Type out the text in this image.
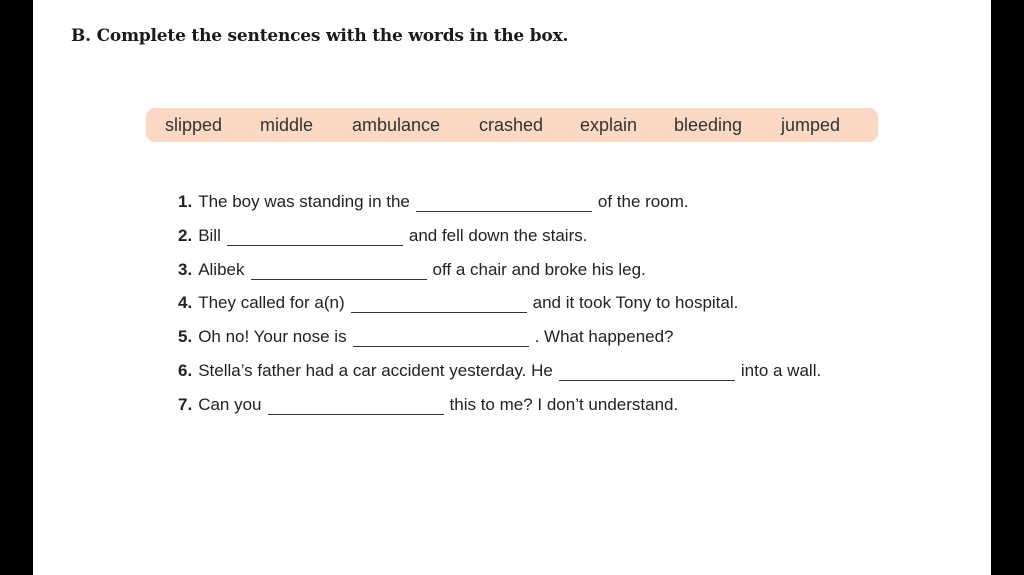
B. Complete the sentences with the words in the box.
slipped middle ambulance crashed explain bleeding jumped
1. The boy was standing in the	of the room.
2. Bill	and fell down the stairs.
3. Alibek	off a chair and broke his leg.
4. They called for a(n)	and it took Tony to hospital.
5. Oh no! Your nose is	. What happened?
6. Stella’s father had a car accident yesterday. He	into a wall.
7. Can you	this to me? I don’t understand.
